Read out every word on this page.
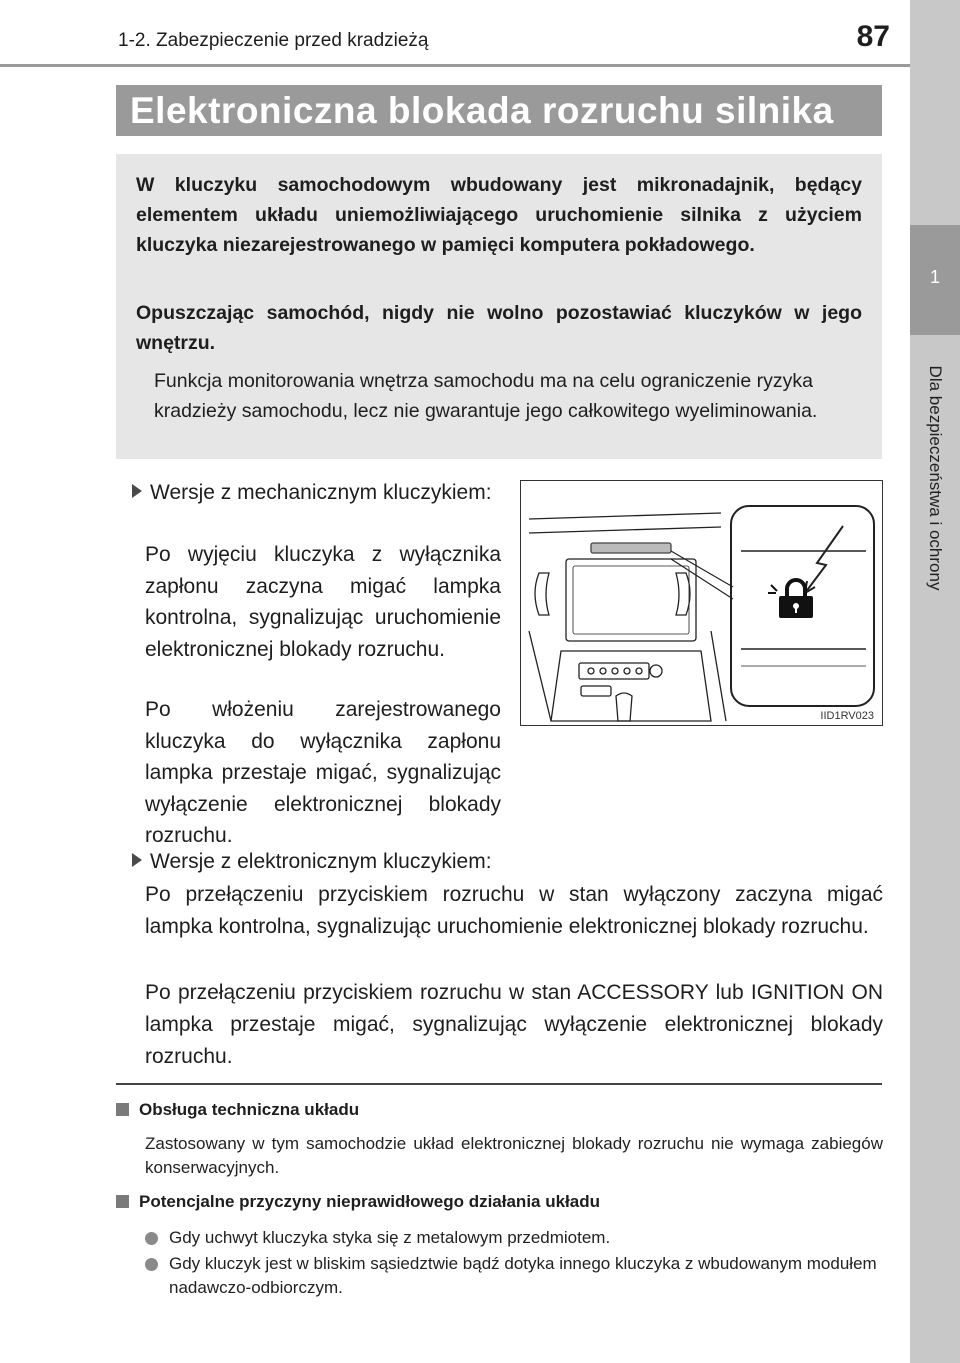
1-2. Zabezpieczenie przed kradzieżą	87
1
Dla bezpieczeństwa i ochrony
Elektroniczna blokada rozruchu silnika
W kluczyku samochodowym wbudowany jest mikronadajnik, będący elementem układu uniemożliwiającego uruchomienie silnika z użyciem kluczyka niezarejestrowanego w pamięci komputera pokładowego.
Opuszczając samochód, nigdy nie wolno pozostawiać kluczyków w jego wnętrzu.
Funkcja monitorowania wnętrza samochodu ma na celu ograniczenie ryzyka kradzieży samochodu, lecz nie gwarantuje jego całkowitego wyeliminowania.
Wersje z mechanicznym kluczykiem:
Po wyjęciu kluczyka z wyłącznika zapłonu zaczyna migać lampka kontrolna, sygnalizując uruchomienie elektronicznej blokady rozruchu.
Po włożeniu zarejestrowanego kluczyka do wyłącznika zapłonu lampka przestaje migać, sygnalizując wyłączenie elektronicznej blokady rozruchu.
IID1RV023
Wersje z elektronicznym kluczykiem:
Po przełączeniu przyciskiem rozruchu w stan wyłączony zaczyna migać lampka kontrolna, sygnalizując uruchomienie elektronicznej blokady rozruchu.
Po przełączeniu przyciskiem rozruchu w stan ACCESSORY lub IGNITION ON lampka przestaje migać, sygnalizując wyłączenie elektronicznej blokady rozruchu.
Obsługa techniczna układu
Zastosowany w tym samochodzie układ elektronicznej blokady rozruchu nie wymaga zabiegów konserwacyjnych.
Potencjalne przyczyny nieprawidłowego działania układu
Gdy uchwyt kluczyka styka się z metalowym przedmiotem.
Gdy kluczyk jest w bliskim sąsiedztwie bądź dotyka innego kluczyka z wbudowanym modułem nadawczo-odbiorczym.
